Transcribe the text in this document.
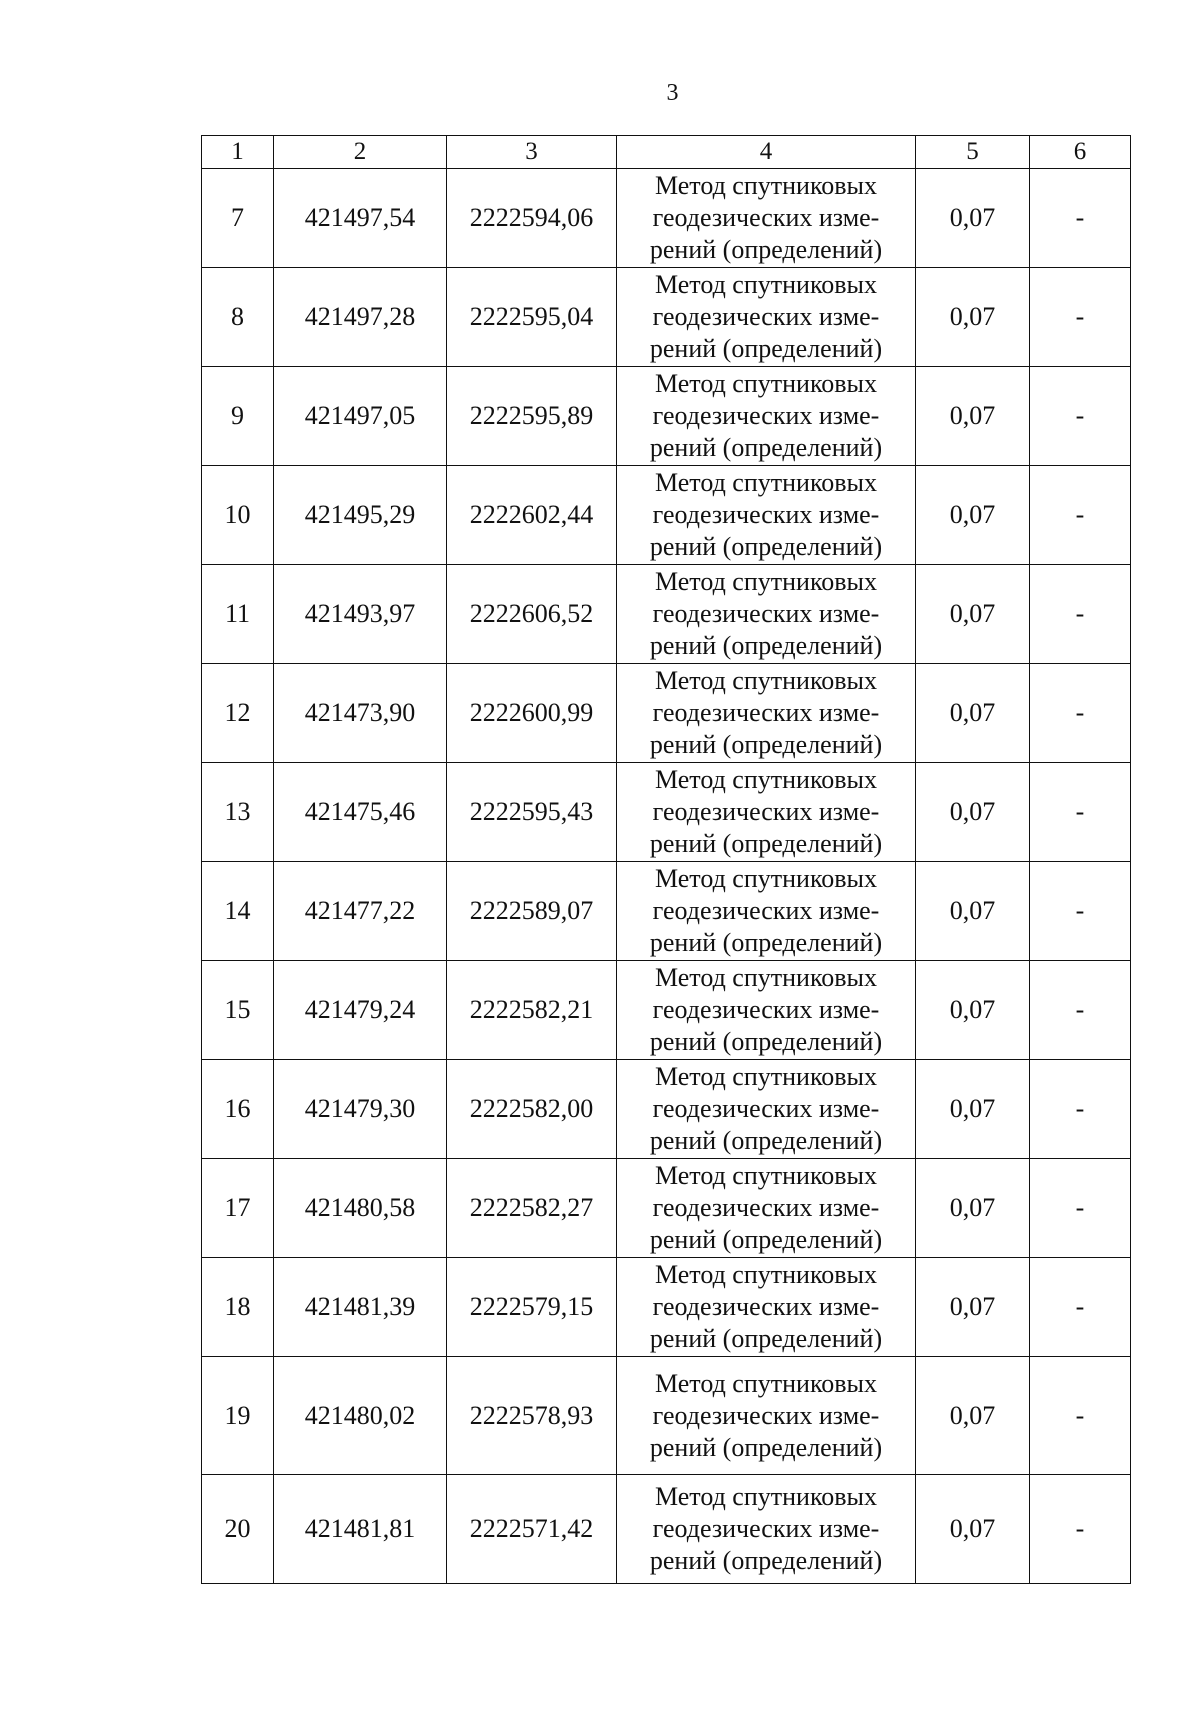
3
1	2	3	4	5	6
7	421497,54	2222594,06	Метод спутниковых
геодезических изме-
рений (определений)	0,07	-
8	421497,28	2222595,04	Метод спутниковых
геодезических изме-
рений (определений)	0,07	-
9	421497,05	2222595,89	Метод спутниковых
геодезических изме-
рений (определений)	0,07	-
10	421495,29	2222602,44	Метод спутниковых
геодезических изме-
рений (определений)	0,07	-
11	421493,97	2222606,52	Метод спутниковых
геодезических изме-
рений (определений)	0,07	-
12	421473,90	2222600,99	Метод спутниковых
геодезических изме-
рений (определений)	0,07	-
13	421475,46	2222595,43	Метод спутниковых
геодезических изме-
рений (определений)	0,07	-
14	421477,22	2222589,07	Метод спутниковых
геодезических изме-
рений (определений)	0,07	-
15	421479,24	2222582,21	Метод спутниковых
геодезических изме-
рений (определений)	0,07	-
16	421479,30	2222582,00	Метод спутниковых
геодезических изме-
рений (определений)	0,07	-
17	421480,58	2222582,27	Метод спутниковых
геодезических изме-
рений (определений)	0,07	-
18	421481,39	2222579,15	Метод спутниковых
геодезических изме-
рений (определений)	0,07	-
19	421480,02	2222578,93	Метод спутниковых
геодезических изме-
рений (определений)	0,07	-
20	421481,81	2222571,42	Метод спутниковых
геодезических изме-
рений (определений)	0,07	-
